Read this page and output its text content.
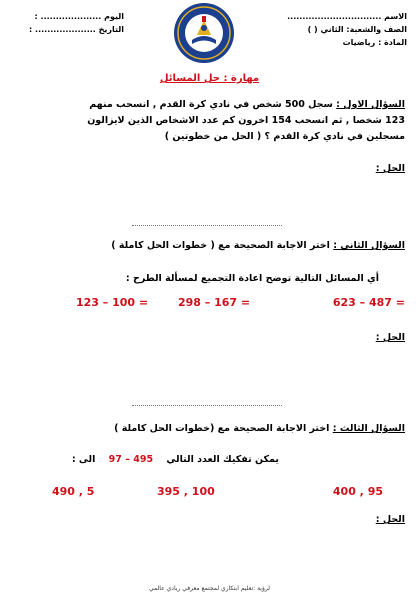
الاسم ...............................
الصف والشعبة: الثاني ( )
المادة : رياضيات
اليوم .................... :
التاريخ .................... :
مهارة : حل المسائل
السؤال الاول : سجل 500 شخص في نادي كرة القدم , انسحب منهم
123 شخصا , ثم انسحب 154 اخرون كم عدد الاشخاص الذين لايزالون
مسجلين في نادي كرة القدم ؟ ( الحل من خطوتين )
الحل :
السؤال الثاني : اختر الاجابة الصحيحة مع ( خطوات الحل كاملة )
أي المسائل التالية توضح اعادة التجميع لمسألة الطرح :
623 – 487 =
298 – 167 =
123 – 100 =
الحل :
السؤال الثالث : اختر الاجابة الصحيحة مع (خطوات الحل كاملة )
يمكن تفكيك العدد التالي 97 – 495 الى :
400 , 95
395 , 100
490 , 5
الحل :
لرؤية :تعليم ابتكاري لمجتمع معرفي ريادي عالمي
